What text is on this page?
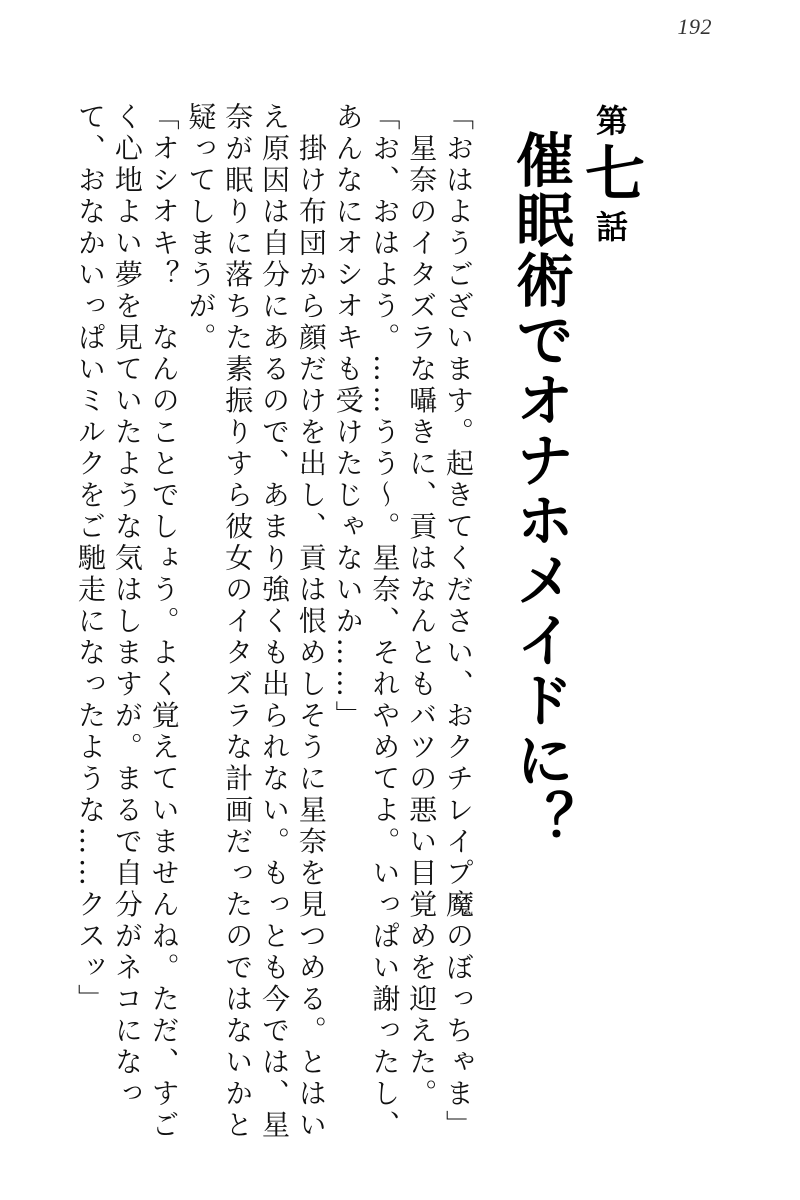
192
第七話
催眠術でオナホメイドに？

「おはようございます。起きてください、おクチレイプ魔のぼっちゃま」

　星奈のイタズラな囁きに、貢はなんともバツの悪い目覚めを迎えた。

「お、おはよう。……うう～。星奈、それやめてよ。いっぱい謝ったし、あんなにオシオキも受けたじゃないか……」

　掛け布団から顔だけを出し、貢は恨めしそうに星奈を見つめる。とはいえ原因は自分にあるので、あまり強くも出られない。もっとも今では、星奈が眠りに落ちた素振りすら彼女のイタズラな計画だったのではないかと疑ってしまうが。

「オシオキ？　なんのことでしょう。よく覚えていませんね。ただ、すごく心地よい夢を見ていたような気はしますが。まるで自分がネコになって、おなかいっぱいミルクをご馳走になったような……クスッ」
